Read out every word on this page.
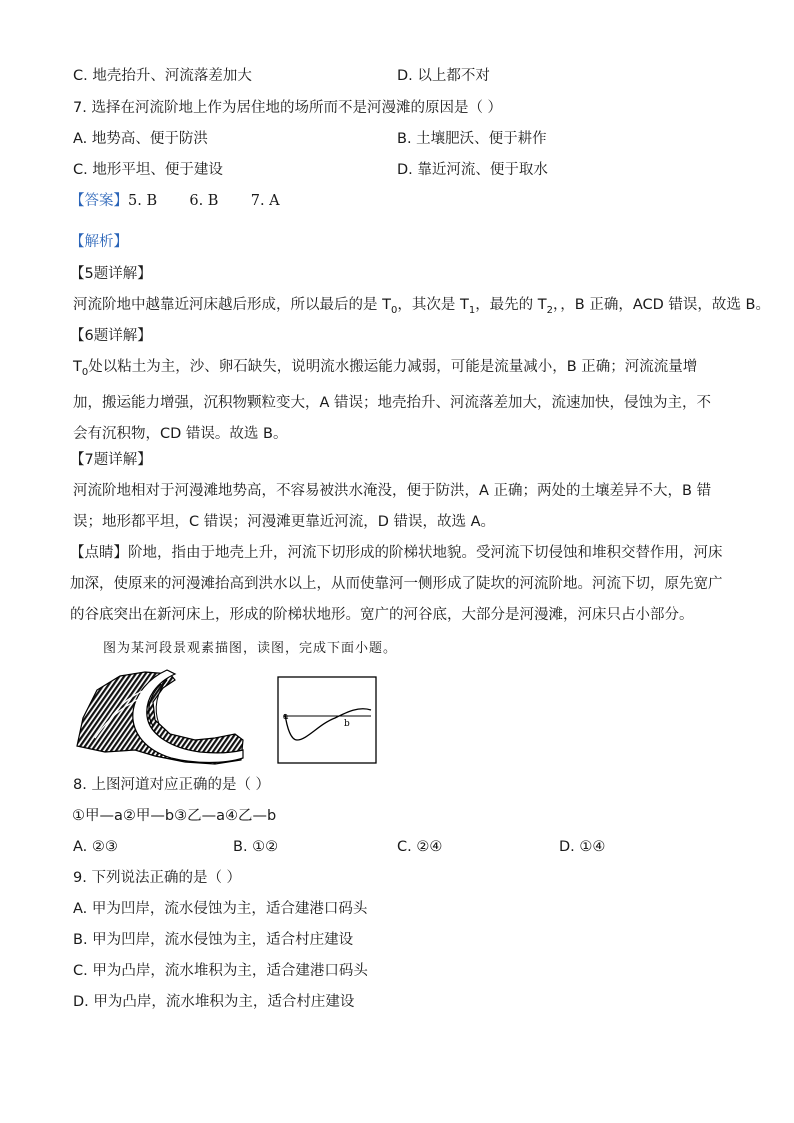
C. 地壳抬升、河流落差加大	D. 以上都不对
7. 选择在河流阶地上作为居住地的场所而不是河漫滩的原因是（ ）
A. 地势高、便于防洪	B. 土壤肥沃、便于耕作
C. 地形平坦、便于建设	D. 靠近河流、便于取水
【答案】5. B       6. B       7. A
【解析】
【5题详解】
河流阶地中越靠近河床越后形成，所以最后的是 $T_0$，其次是 $T_1$，最先的 $T_2$，，B 正确，ACD 错误，故选 B。
【6题详解】
$T_0$处以粘土为主，沙、卵石缺失，说明流水搬运能力减弱，可能是流量减小，B 正确；河流流量增加，搬运能力增强，沉积物颗粒变大，A 错误；地壳抬升、河流落差加大，流速加快，侵蚀为主，不会有沉积物，CD 错误。故选 B。
【7题详解】
河流阶地相对于河漫滩地势高，不容易被洪水淹没，便于防洪，A 正确；两处的土壤差异不大，B 错误；地形都平坦，C 错误；河漫滩更靠近河流，D 错误，故选 A。
【点睛】阶地，指由于地壳上升，河流下切形成的阶梯状地貌。受河流下切侵蚀和堆积交替作用，河床加深，使原来的河漫滩抬高到洪水以上，从而使靠河一侧形成了陡坎的河流阶地。河流下切，原先宽广的谷底突出在新河床上，形成的阶梯状地形。宽广的河谷底，大部分是河漫滩，河床只占小部分。
图为某河段景观素描图，读图，完成下面小题。
a
b
8. 上图河道对应正确的是（ ）
①甲—a②甲—b③乙—a④乙—b
A. ②③	B. ①②	C. ②④	D. ①④
9. 下列说法正确的是（ ）
A. 甲为凹岸，流水侵蚀为主，适合建港口码头
B. 甲为凹岸，流水侵蚀为主，适合村庄建设
C. 甲为凸岸，流水堆积为主，适合建港口码头
D. 甲为凸岸，流水堆积为主，适合村庄建设
